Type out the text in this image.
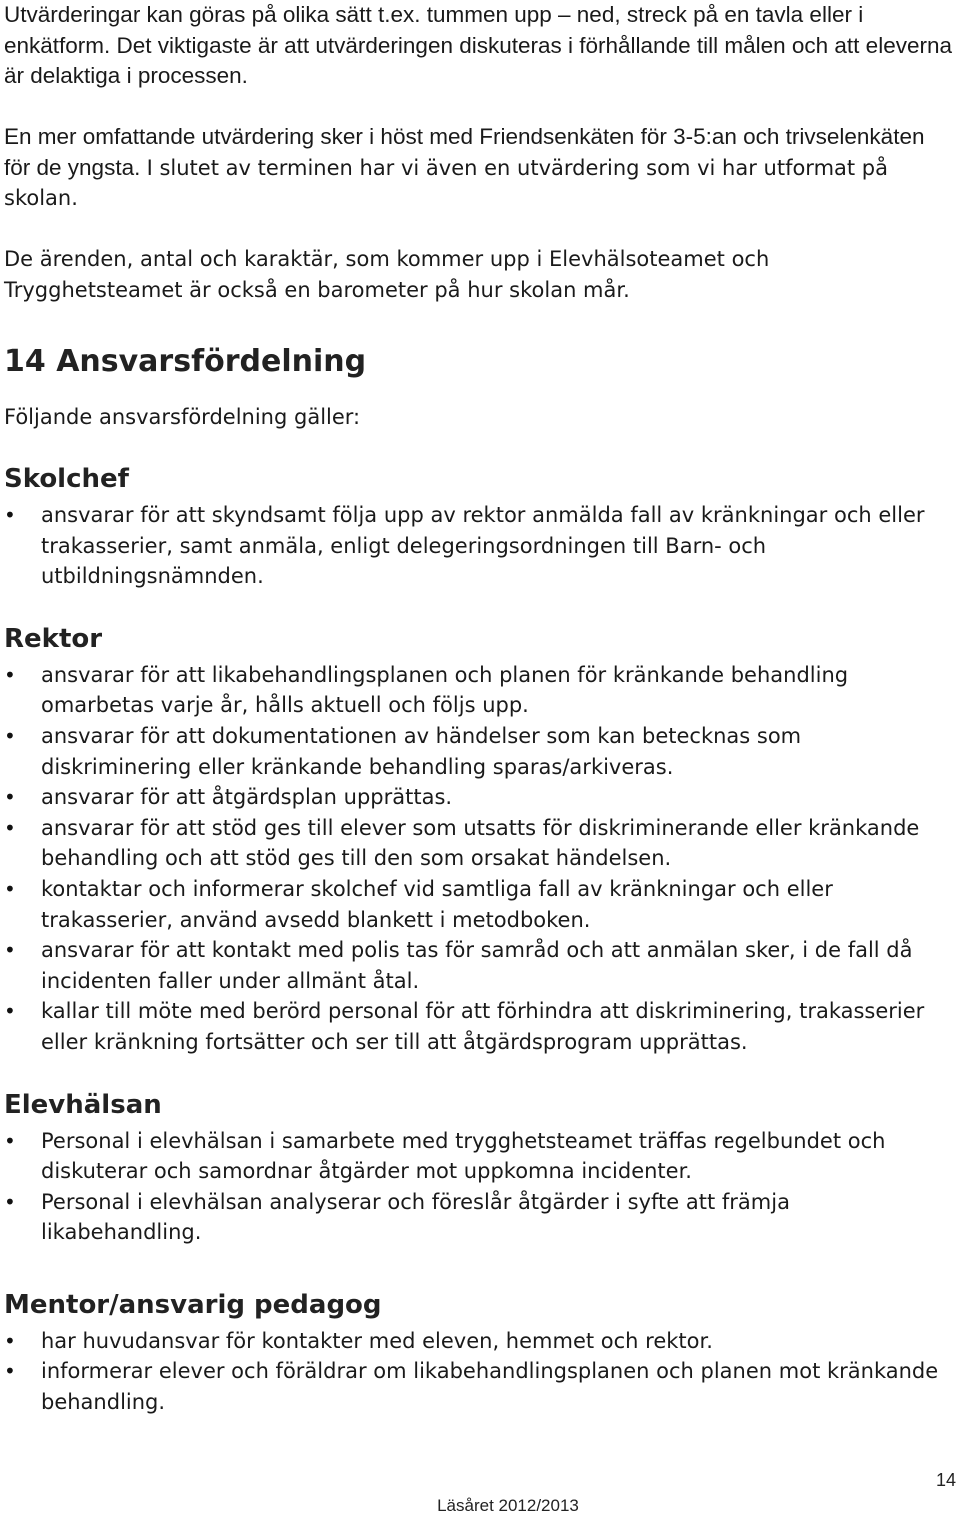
Utvärderingar kan göras på olika sätt t.ex. tummen upp – ned, streck på en tavla eller i enkätform. Det viktigaste är att utvärderingen diskuteras i förhållande till målen och att eleverna är delaktiga i processen.

En mer omfattande utvärdering sker i höst med Friendsenkäten för 3-5:an och trivselenkäten för de yngsta. I slutet av terminen har vi även en utvärdering som vi har utformat på skolan.

De ärenden, antal och karaktär, som kommer upp i Elevhälsoteamet och Trygghetsteamet är också en barometer på hur skolan mår.

14 Ansvarsfördelning

Följande ansvarsfördelning gäller:

Skolchef
• ansvarar för att skyndsamt följa upp av rektor anmälda fall av kränkningar och eller trakasserier, samt anmäla, enligt delegeringsordningen till Barn- och utbildningsnämnden.
Rektor
• ansvarar för att likabehandlingsplanen och planen för kränkande behandling omarbetas varje år, hålls aktuell och följs upp.
• ansvarar för att dokumentationen av händelser som kan betecknas som diskriminering eller kränkande behandling sparas/arkiveras.
• ansvarar för att åtgärdsplan upprättas.
• ansvarar för att stöd ges till elever som utsatts för diskriminerande eller kränkande behandling och att stöd ges till den som orsakat händelsen.
• kontaktar och informerar skolchef vid samtliga fall av kränkningar och eller trakasserier, använd avsedd blankett i metodboken.
• ansvarar för att kontakt med polis tas för samråd och att anmälan sker, i de fall då incidenten faller under allmänt åtal.
• kallar till möte med berörd personal för att förhindra att diskriminering, trakasserier eller kränkning fortsätter och ser till att åtgärdsprogram upprättas.
Elevhälsan
• Personal i elevhälsan i samarbete med trygghetsteamet träffas regelbundet och diskuterar och samordnar åtgärder mot uppkomna incidenter.
• Personal i elevhälsan analyserar och föreslår åtgärder i syfte att främja likabehandling.
Mentor/ansvarig pedagog
• har huvudansvar för kontakter med eleven, hemmet och rektor.
• informerar elever och föräldrar om likabehandlingsplanen och planen mot kränkande behandling.
14
Läsåret 2012/2013
